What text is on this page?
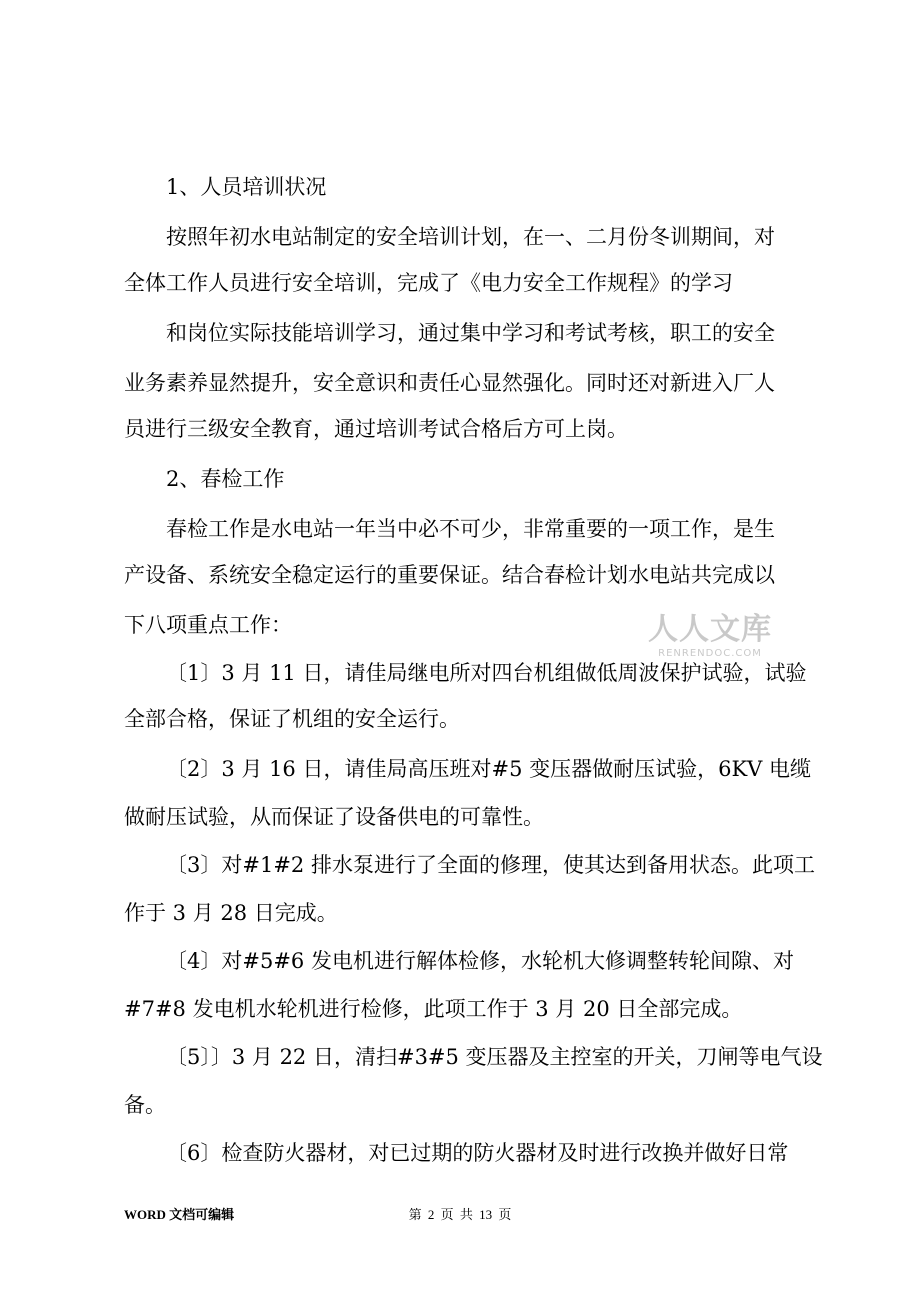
1、人员培训状况
按照年初水电站制定的安全培训计划，在一、二月份冬训期间，对
全体工作人员进行安全培训，完成了《电力安全工作规程》的学习
和岗位实际技能培训学习，通过集中学习和考试考核，职工的安全
业务素养显然提升，安全意识和责任心显然强化。同时还对新进入厂人
员进行三级安全教育，通过培训考试合格后方可上岗。
2、春检工作
春检工作是水电站一年当中必不可少，非常重要的一项工作，是生
产设备、系统安全稳定运行的重要保证。结合春检计划水电站共完成以
下八项重点工作：
〔1〕3 月 11 日，请佳局继电所对四台机组做低周波保护试验，试验
全部合格，保证了机组的安全运行。
〔2〕3 月 16 日，请佳局高压班对#5 变压器做耐压试验，6KV 电缆
做耐压试验，从而保证了设备供电的可靠性。
〔3〕对#1#2 排水泵进行了全面的修理，使其达到备用状态。此项工
作于 3 月 28 日完成。
〔4〕对#5#6 发电机进行解体检修，水轮机大修调整转轮间隙、对
#7#8 发电机水轮机进行检修，此项工作于 3 月 20 日全部完成。
〔5〕〕3 月 22 日，清扫#3#5 变压器及主控室的开关，刀闸等电气设
备。
〔6〕检查防火器材，对已过期的防火器材及时进行改换并做好日常
人人文库
RENRENDOC.COM
WORD 文档可编辑	第 2 页 共 13 页
